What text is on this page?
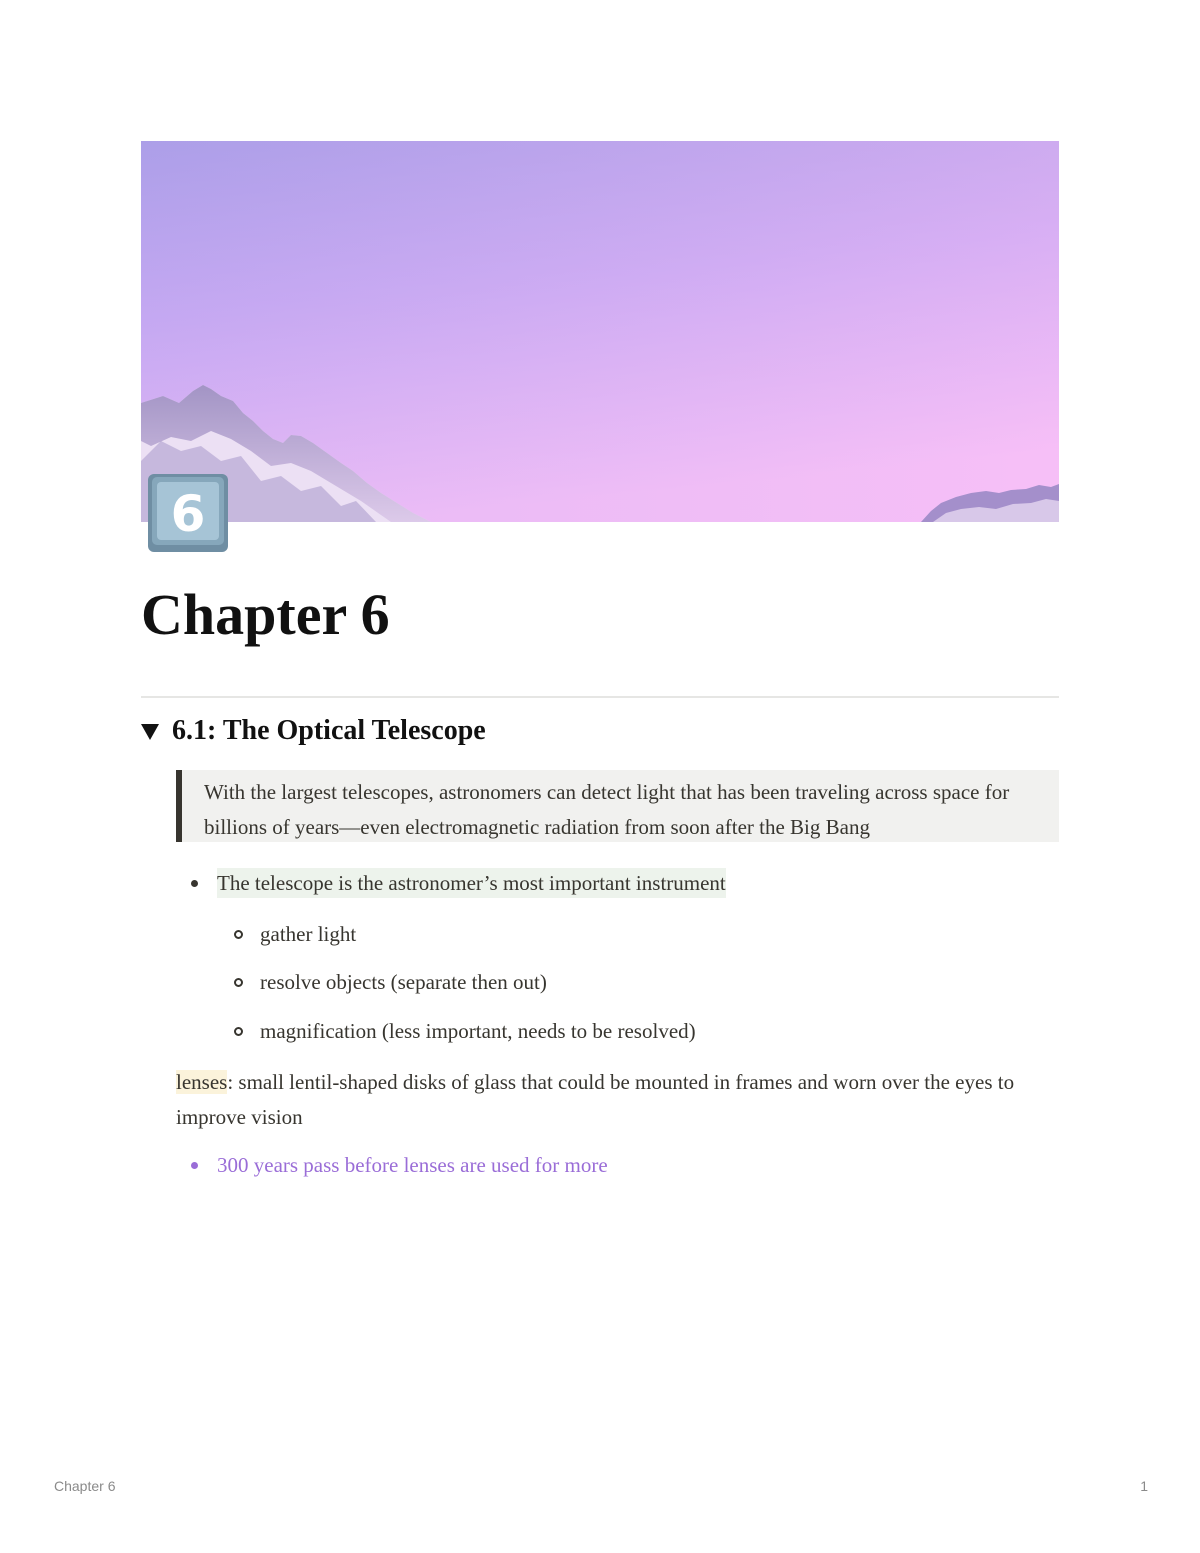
6
Chapter 6
6.1: The Optical Telescope
With the largest telescopes, astronomers can detect light that has been traveling across space for billions of years—even electromagnetic radiation from soon after the Big Bang
The telescope is the astronomer’s most important instrument
gather light
resolve objects (separate then out)
magnification (less important, needs to be resolved)
lenses: small lentil-shaped disks of glass that could be mounted in frames and worn over the eyes to improve vision
300 years pass before lenses are used for more
Chapter 6	1
